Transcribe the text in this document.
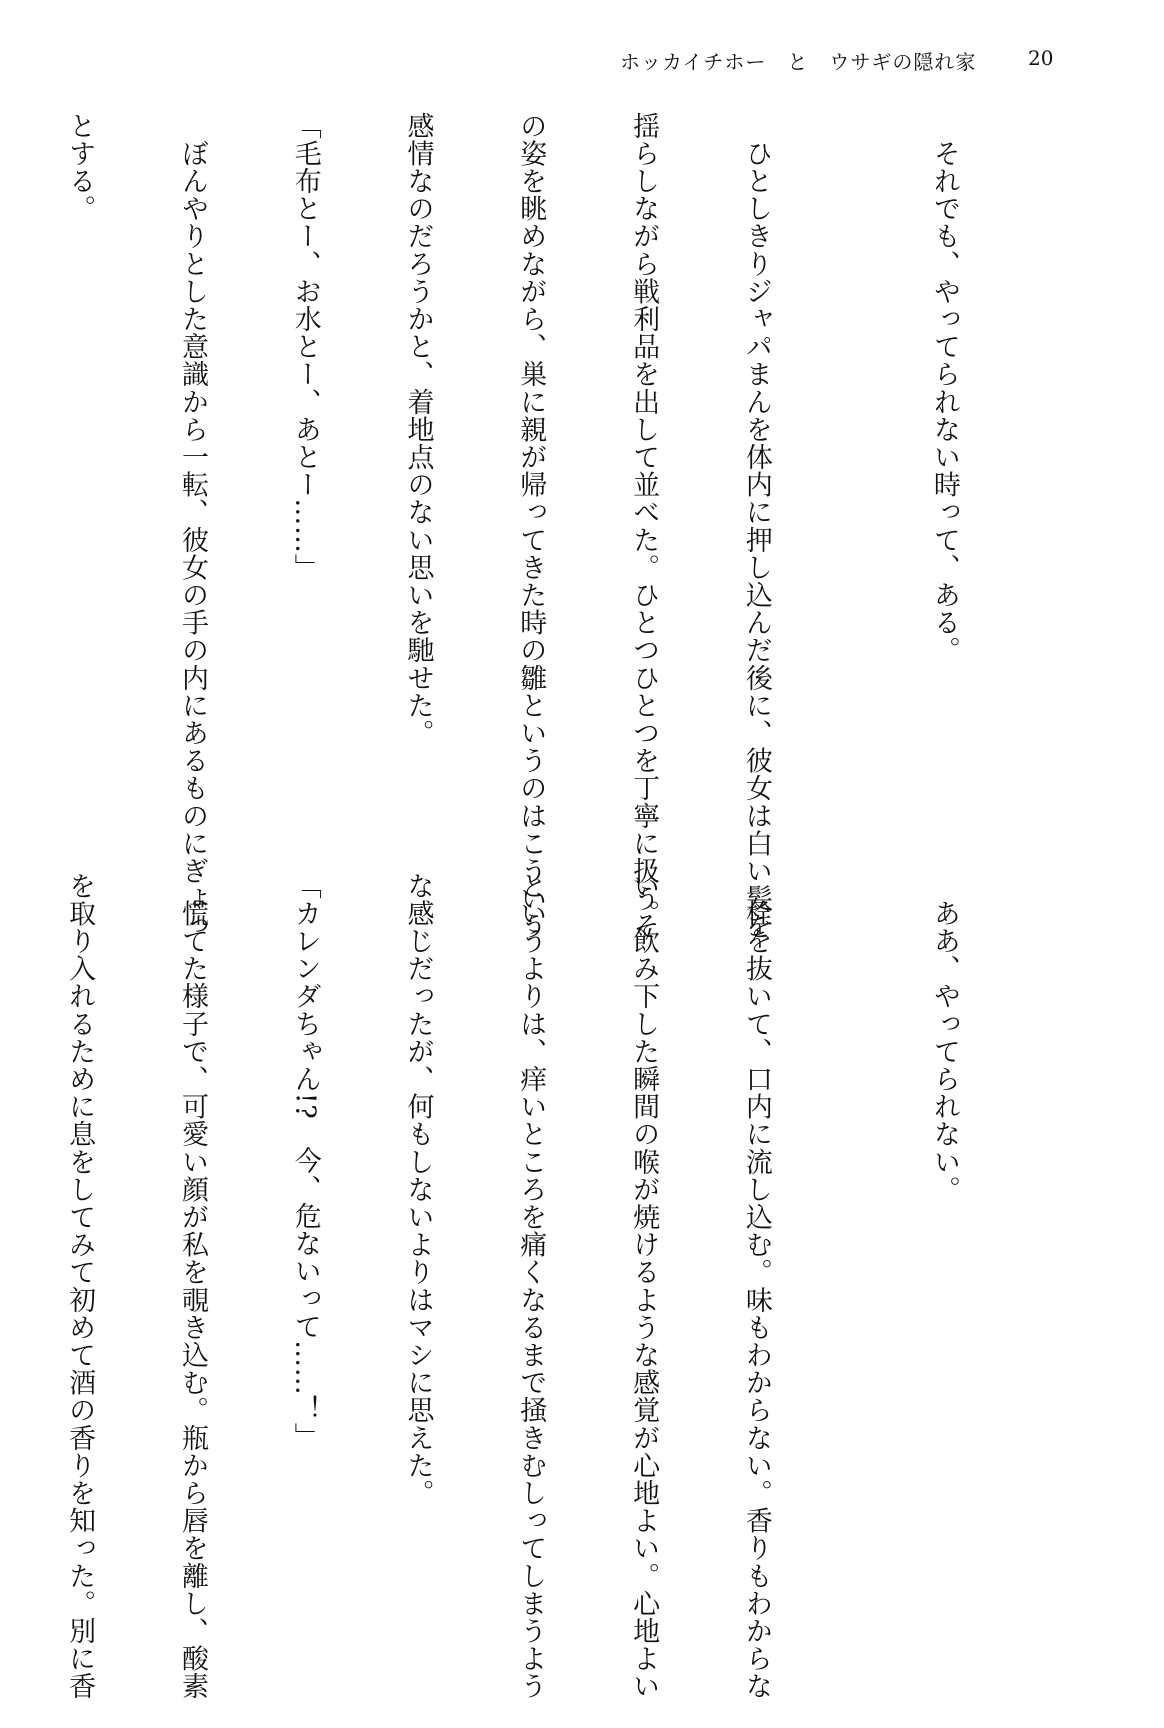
ホッカイチホー　と　ウサギの隠れ家	20

　それでも、やってられない時って、ある。

　ひとしきりジャパまんを体内に押し込んだ後に、彼女は白い髪を

揺らしながら戦利品を出して並べた。ひとつひとつを丁寧に扱うそ

の姿を眺めながら、巣に親が帰ってきた時の雛というのはこういう

感情なのだろうかと、着地点のない思いを馳せた。

「毛布とー、お水とー、あとー……」

　ぼんやりとした意識から一転、彼女の手の内にあるものにぎょっ

とする。

　ああ、やってられない。

　栓を抜いて、口内に流し込む。味もわからない。香りもわからな

い。飲み下した瞬間の喉が焼けるような感覚が心地よい。心地よい

というよりは、痒いところを痛くなるまで掻きむしってしまうよう

な感じだったが、何もしないよりはマシに思えた。

「カレンダちゃん!?　今、危ないって……！」

　慌てた様子で、可愛い顔が私を覗き込む。瓶から唇を離し、酸素

を取り入れるために息をしてみて初めて酒の香りを知った。別に香
